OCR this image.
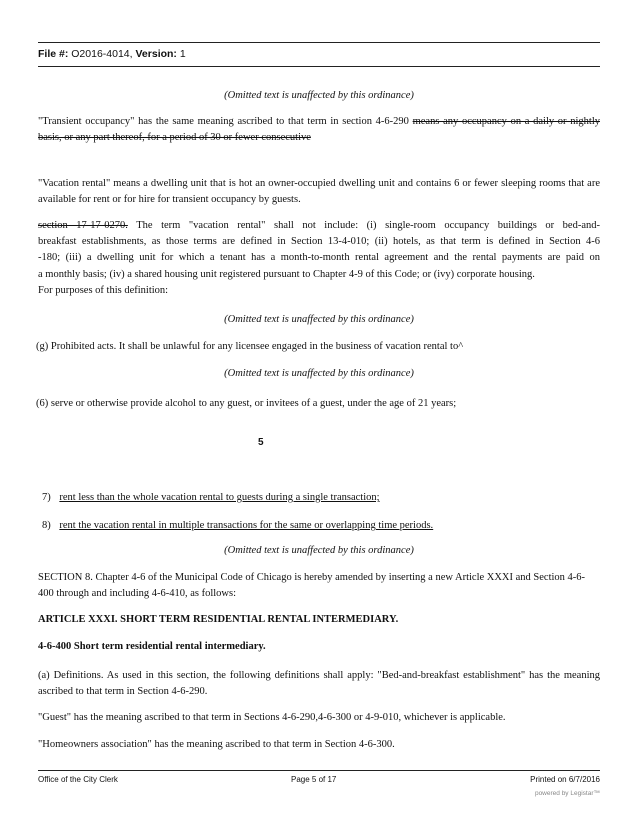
File #: O2016-4014, Version: 1
(Omitted text is unaffected by this ordinance)
"Transient occupancy" has the same meaning ascribed to that term in section 4-6-290 means any occupancy on a daily or nightly basis, or any part thereof, for a period of 30 or fewer consecutive
"Vacation rental" means a dwelling unit that is hot an owner-occupied dwelling unit and contains 6 or fewer sleeping rooms that are available for rent or for hire for transient occupancy by guests.
section 17-17-0270. The term "vacation rental" shall not include: (i) single-room occupancy buildings or bed-and-
breakfast establishments, as those terms are defined in Section 13-4-010; (ii) hotels, as that term is defined in Section 4-6
-180; (iii) a dwelling unit for which a tenant has a month-to-month rental agreement and the rental payments are paid on
a monthly basis; (iv) a shared housing unit registered pursuant to Chapter 4-9 of this Code; or (ivy) corporate housing.
For purposes of this definition:
(Omitted text is unaffected by this ordinance)
(g) Prohibited acts. It shall be unlawful for any licensee engaged in the business of vacation rental to^
(Omitted text is unaffected by this ordinance)
(6) serve or otherwise provide alcohol to any guest, or invitees of a guest, under the age of 21 years;
5
7) rent less than the whole vacation rental to guests during a single transaction;
8) rent the vacation rental in multiple transactions for the same or overlapping time periods.
(Omitted text is unaffected by this ordinance)
SECTION 8. Chapter 4-6 of the Municipal Code of Chicago is hereby amended by inserting a new Article XXXI and Section 4-6-400 through and including 4-6-410, as follows:
ARTICLE XXXI. SHORT TERM RESIDENTIAL RENTAL INTERMEDIARY.
4-6-400 Short term residential rental intermediary.
(a) Definitions. As used in this section, the following definitions shall apply: "Bed-and-breakfast establishment" has the meaning ascribed to that term in Section 4-6-290.
"Guest" has the meaning ascribed to that term in Sections 4-6-290,4-6-300 or 4-9-010, whichever is applicable.
"Homeowners association" has the meaning ascribed to that term in Section 4-6-300.
Office of the City Clerk	Page 5 of 17	Printed on 6/7/2016
powered by Legistar™
